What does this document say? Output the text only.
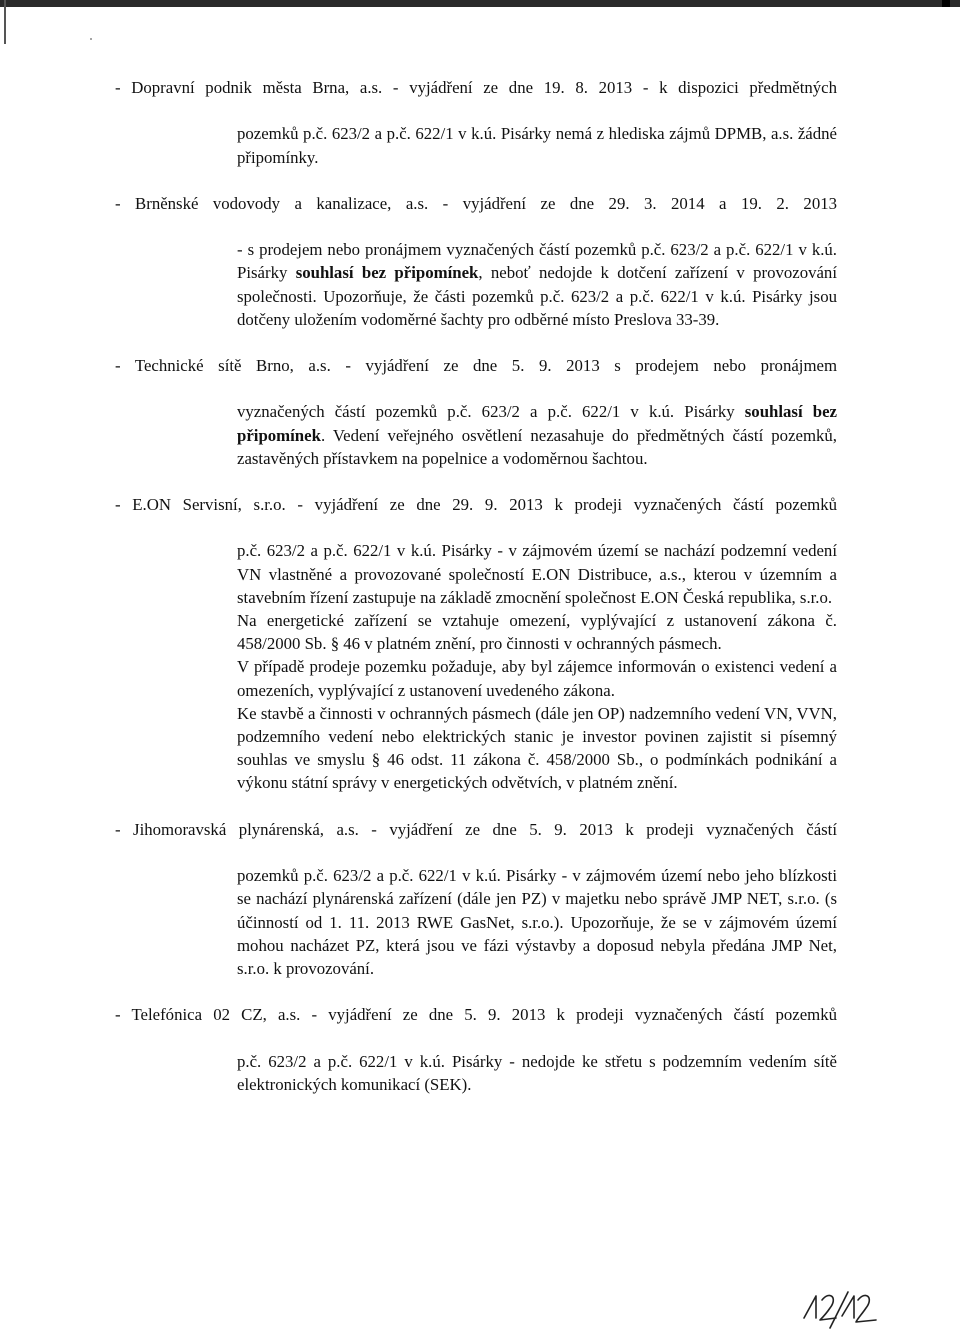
- Dopravní podnik města Brna, a.s. - vyjádření ze dne 19. 8. 2013 - k dispozici předmětných

pozemků p.č. 623/2 a p.č. 622/1 v k.ú. Pisárky nemá z hlediska zájmů DPMB, a.s. žádné připomínky.

- Brněnské vodovody a kanalizace, a.s. - vyjádření ze dne 29. 3. 2014 a 19. 2. 2013

- s prodejem nebo pronájmem vyznačených částí pozemků p.č. 623/2 a p.č. 622/1 v k.ú. Pisárky souhlasí bez připomínek, neboť nedojde k dotčení zařízení v provozování společnosti. Upozorňuje, že části pozemků p.č. 623/2 a p.č. 622/1 v k.ú. Pisárky jsou dotčeny uložením vodoměrné šachty pro odběrné místo Preslova 33-39.

- Technické sítě Brno, a.s. - vyjádření ze dne 5. 9. 2013 s prodejem nebo pronájmem

vyznačených částí pozemků p.č. 623/2 a p.č. 622/1 v k.ú. Pisárky souhlasí bez připomínek. Vedení veřejného osvětlení nezasahuje do předmětných částí pozemků, zastavěných přístavkem na popelnice a vodoměrnou šachtou.

- E.ON Servisní, s.r.o. - vyjádření ze dne 29. 9. 2013 k prodeji vyznačených částí pozemků

p.č. 623/2 a p.č. 622/1 v k.ú. Pisárky - v zájmovém území se nachází podzemní vedení VN vlastněné a provozované společností E.ON Distribuce, a.s., kterou v územním a stavebním řízení zastupuje na základě zmocnění společnost E.ON Česká republika, s.r.o.

Na energetické zařízení se vztahuje omezení, vyplývající z ustanovení zákona č. 458/2000 Sb. § 46 v platném znění, pro činnosti v ochranných pásmech.

V případě prodeje pozemku požaduje, aby byl zájemce informován o existenci vedení a omezeních, vyplývající z ustanovení uvedeného zákona.

Ke stavbě a činnosti v ochranných pásmech (dále jen OP) nadzemního vedení VN, VVN, podzemního vedení nebo elektrických stanic je investor povinen zajistit si písemný souhlas ve smyslu § 46 odst. 11 zákona č. 458/2000 Sb., o podmínkách podnikání a výkonu státní správy v energetických odvětvích, v platném znění.

- Jihomoravská plynárenská, a.s. - vyjádření ze dne 5. 9. 2013 k prodeji vyznačených částí

pozemků p.č. 623/2 a p.č. 622/1 v k.ú. Pisárky - v zájmovém území nebo jeho blízkosti se nachází plynárenská zařízení (dále jen PZ) v majetku nebo správě JMP NET, s.r.o. (s účinností od 1. 11. 2013 RWE GasNet, s.r.o.). Upozorňuje, že se v zájmovém území mohou nacházet PZ, která jsou ve fázi výstavby a doposud nebyla předána JMP Net, s.r.o. k provozování.

- Telefónica 02 CZ, a.s. - vyjádření ze dne 5. 9. 2013 k prodeji vyznačených částí pozemků

p.č. 623/2 a p.č. 622/1 v k.ú. Pisárky - nedojde ke střetu s podzemním vedením sítě elektronických komunikací (SEK).
